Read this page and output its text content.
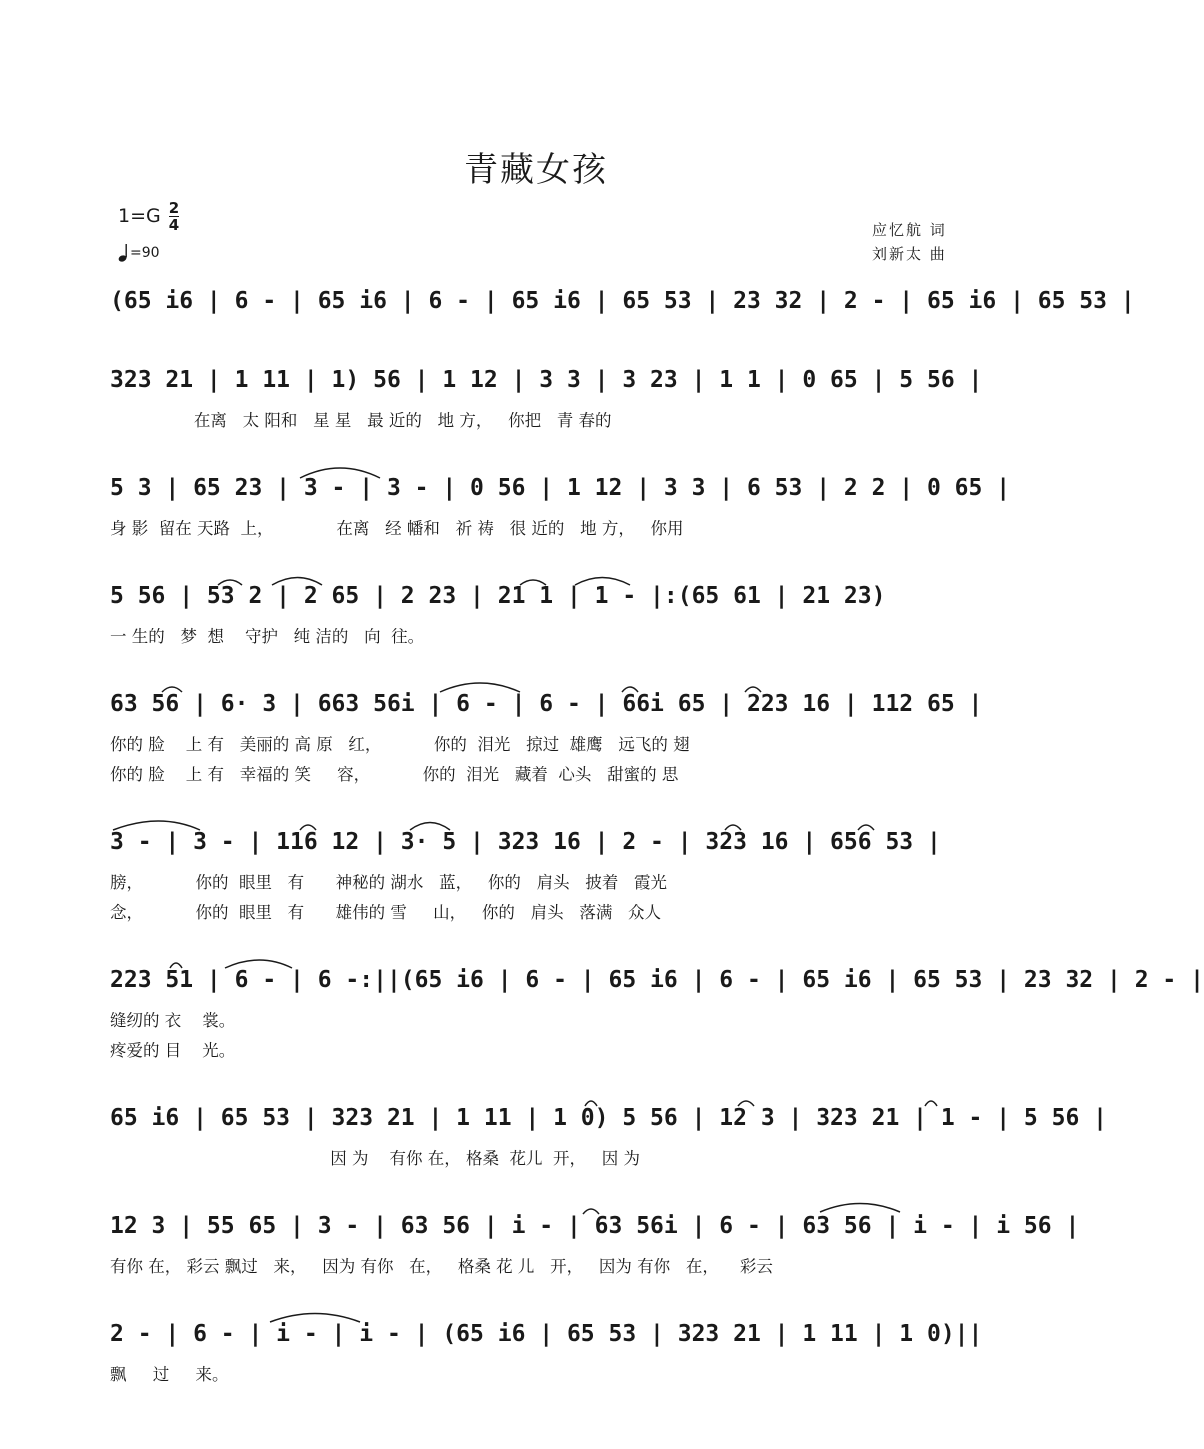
青藏女孩
$1=G \frac{2}{4}$
=90
应忆航 词
刘新太 曲
(65 i6 | 6 - | 65 i6 | 6 - | 65 i6 | 65 53 | 23 32 | 2 - | 65 i6 | 65 53 |
323 21 | 1 11 | 1) 56 | 1 12 | 3 3 | 3 23 | 1 1 | 0 65 | 5 56 |
在离   太 阳和   星 星   最 近的   地 方，   你把   青 春的
5 3 | 65 23 | 3 - | 3 - | 0 56 | 1 12 | 3 3 | 6 53 | 2 2 | 0 65 |
身 影  留在 天路  上，            在离   经 幡和   祈 祷   很 近的   地 方，   你用
5 56 | 53 2 | 2 65 | 2 23 | 21 1 | 1 - |:(65 61 | 21 23)
一 生的   梦  想    守护   纯 洁的   向  往。
63 56 | 6· 3 | 663 56i | 6 - | 6 - | 66i 65 | 223 16 | 112 65 |
你的 脸    上 有   美丽的 高 原   红，          你的  泪光   掠过  雄鹰   远飞的 翅
你的 脸    上 有   幸福的 笑     容，          你的  泪光   藏着  心头   甜蜜的 思
3 - | 3 - | 116 12 | 3· 5 | 323 16 | 2 - | 323 16 | 656 53 |
膀，          你的  眼里   有      神秘的 湖水   蓝，   你的   肩头   披着   霞光
念，          你的  眼里   有      雄伟的 雪     山，   你的   肩头   落满   众人
223 51 | 6 - | 6 -:||(65 i6 | 6 - | 65 i6 | 6 - | 65 i6 | 65 53 | 23 32 | 2 - |
缝纫的 衣    裳。
疼爱的 目    光。
65 i6 | 65 53 | 323 21 | 1 11 | 1 0) 5 56 | 12 3 | 323 21 | 1 - | 5 56 |
因 为    有你 在， 格桑  花儿  开，   因 为
12 3 | 55 65 | 3 - | 63 56 | i - | 63 56i | 6 - | 63 56 | i - | i 56 |
有你 在， 彩云 飘过   来，   因为 有你   在，   格桑 花 儿   开，   因为 有你   在，    彩云
2 - | 6 - | i - | i - | (65 i6 | 65 53 | 323 21 | 1 11 | 1 0)||
飘     过     来。
